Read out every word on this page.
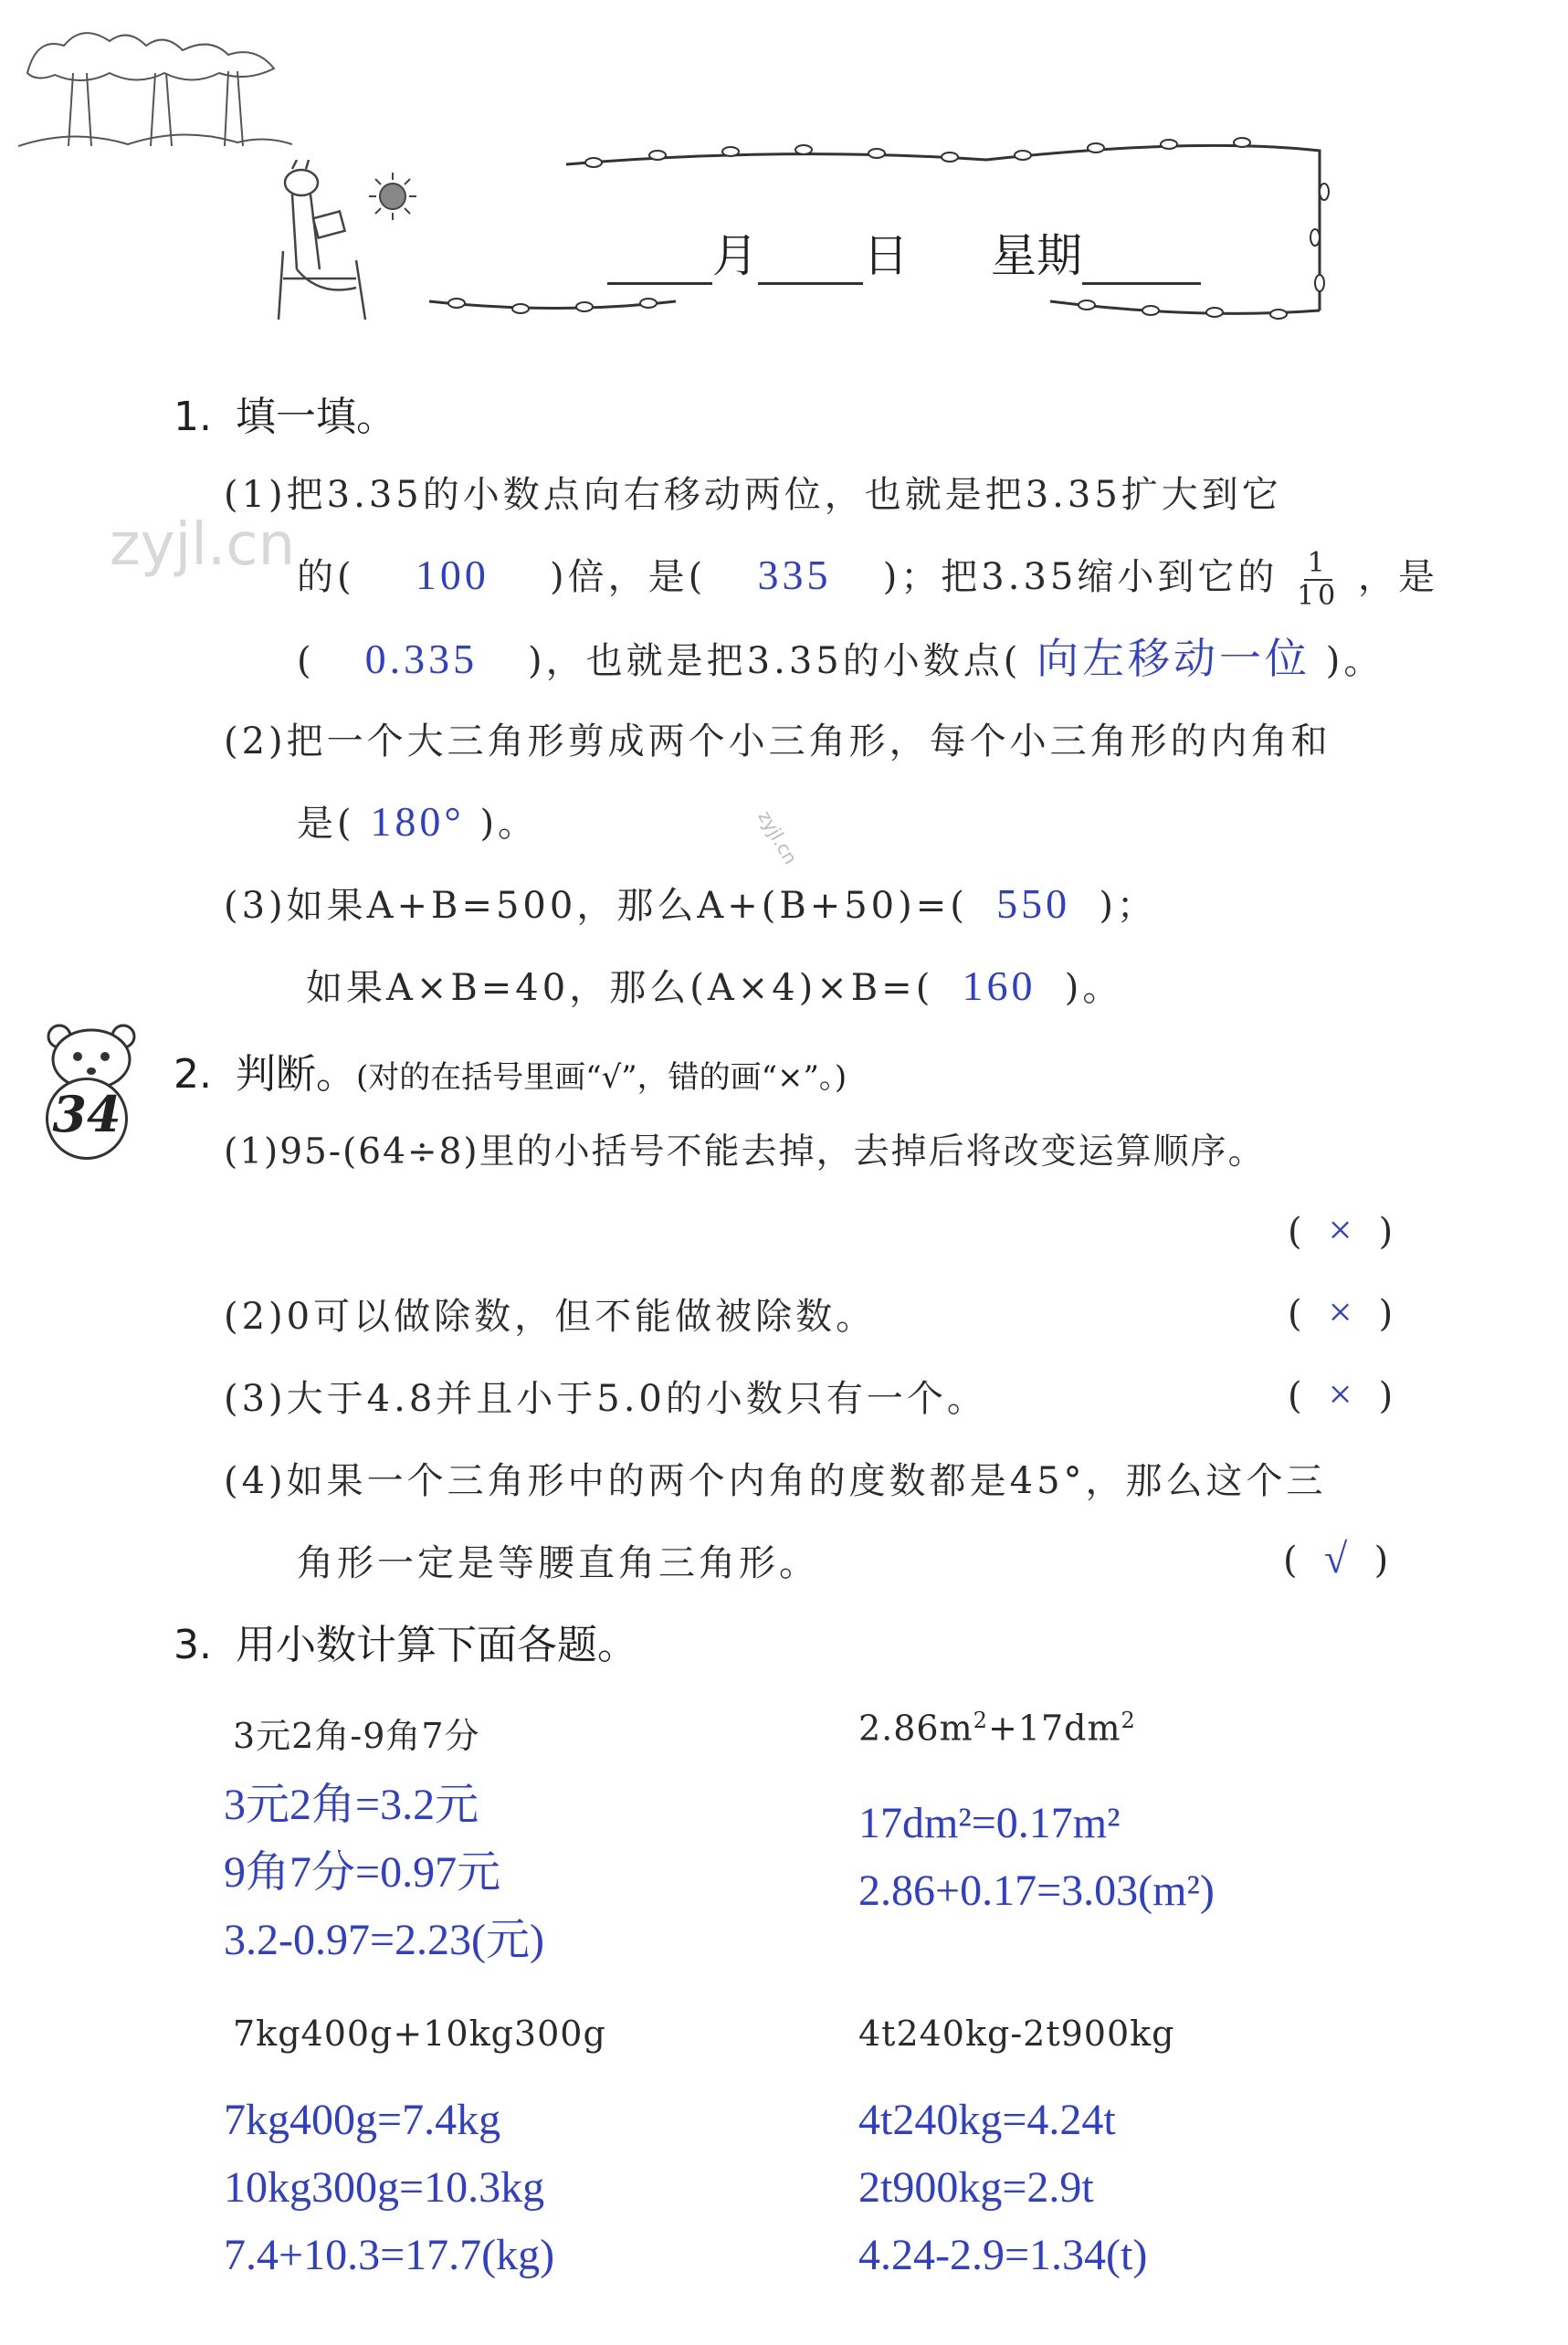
月 日 星期
zyjl.cn
zyjl.cn
1. 填一填。
(1)把3.35的小数点向右移动两位，也就是把3.35扩大到它
的( 100 )倍，是( 335 )；把3.35缩小到它的 $\frac{1}{10}$ ，是
( 0.335 )，也就是把3.35的小数点( 向左移动一位 )。
(2)把一个大三角形剪成两个小三角形，每个小三角形的内角和
是( 180° )。
(3)如果A+B=500，那么A+(B+50)=( 550 )；
如果A×B=40，那么(A×4)×B=( 160 )。
34
2. 判断。(对的在括号里画“√”，错的画“×”。)
(1)95-(64÷8)里的小括号不能去掉，去掉后将改变运算顺序。
( × )
(2)0可以做除数，但不能做被除数。	( × )
(3)大于4.8并且小于5.0的小数只有一个。	( × )
(4)如果一个三角形中的两个内角的度数都是45°，那么这个三
角形一定是等腰直角三角形。	( √ )
3. 用小数计算下面各题。
3元2角-9角7分
3元2角=3.2元
9角7分=0.97元
3.2-0.97=2.23(元)
$2.86m^2+17dm^2$
17dm²=0.17m²
2.86+0.17=3.03(m²)
7kg400g+10kg300g
7kg400g=7.4kg
10kg300g=10.3kg
7.4+10.3=17.7(kg)
4t240kg-2t900kg
4t240kg=4.24t
2t900kg=2.9t
4.24-2.9=1.34(t)
